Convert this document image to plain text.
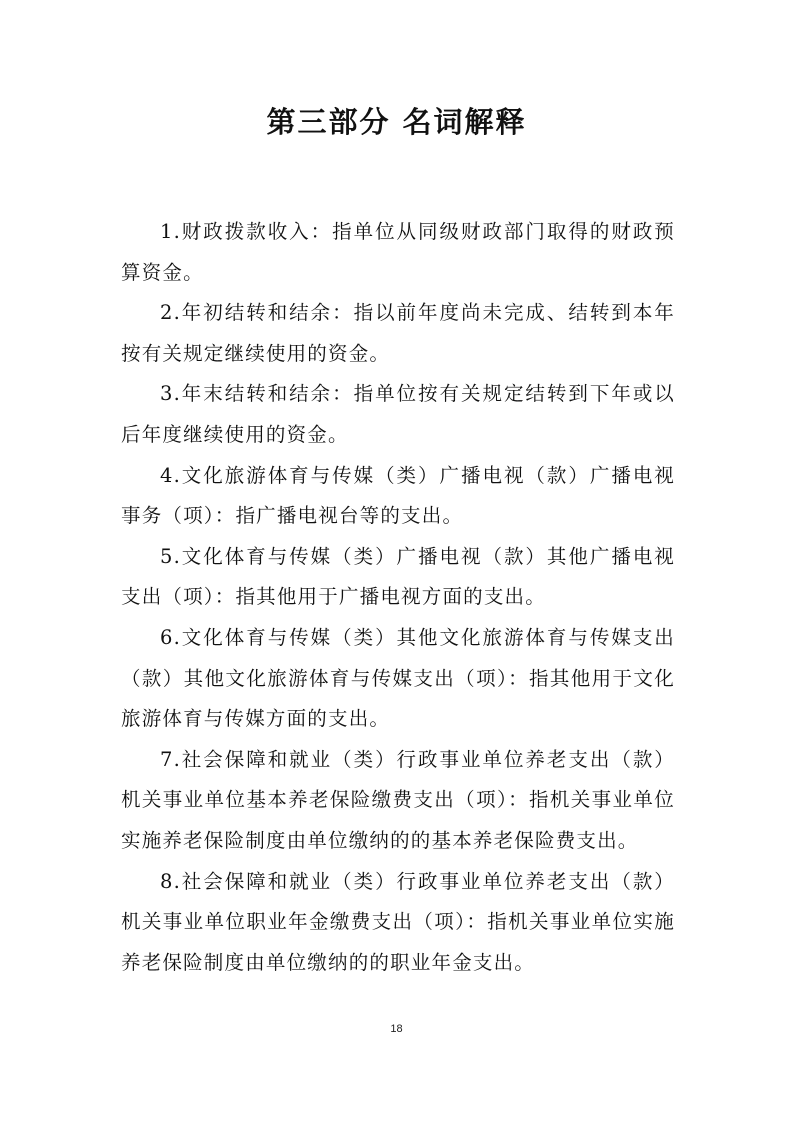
第三部分 名词解释

1.财政拨款收入：指单位从同级财政部门取得的财政预算资金。

2.年初结转和结余：指以前年度尚未完成、结转到本年按有关规定继续使用的资金。

3.年末结转和结余：指单位按有关规定结转到下年或以后年度继续使用的资金。

4.文化旅游体育与传媒（类）广播电视（款）广播电视事务（项）：指广播电视台等的支出。

5.文化体育与传媒（类）广播电视（款）其他广播电视支出（项）：指其他用于广播电视方面的支出。

6.文化体育与传媒（类）其他文化旅游体育与传媒支出（款）其他文化旅游体育与传媒支出（项）：指其他用于文化旅游体育与传媒方面的支出。

7.社会保障和就业（类）行政事业单位养老支出（款）机关事业单位基本养老保险缴费支出（项）：指机关事业单位实施养老保险制度由单位缴纳的的基本养老保险费支出。

8.社会保障和就业（类）行政事业单位养老支出（款）机关事业单位职业年金缴费支出（项）：指机关事业单位实施养老保险制度由单位缴纳的的职业年金支出。

18
